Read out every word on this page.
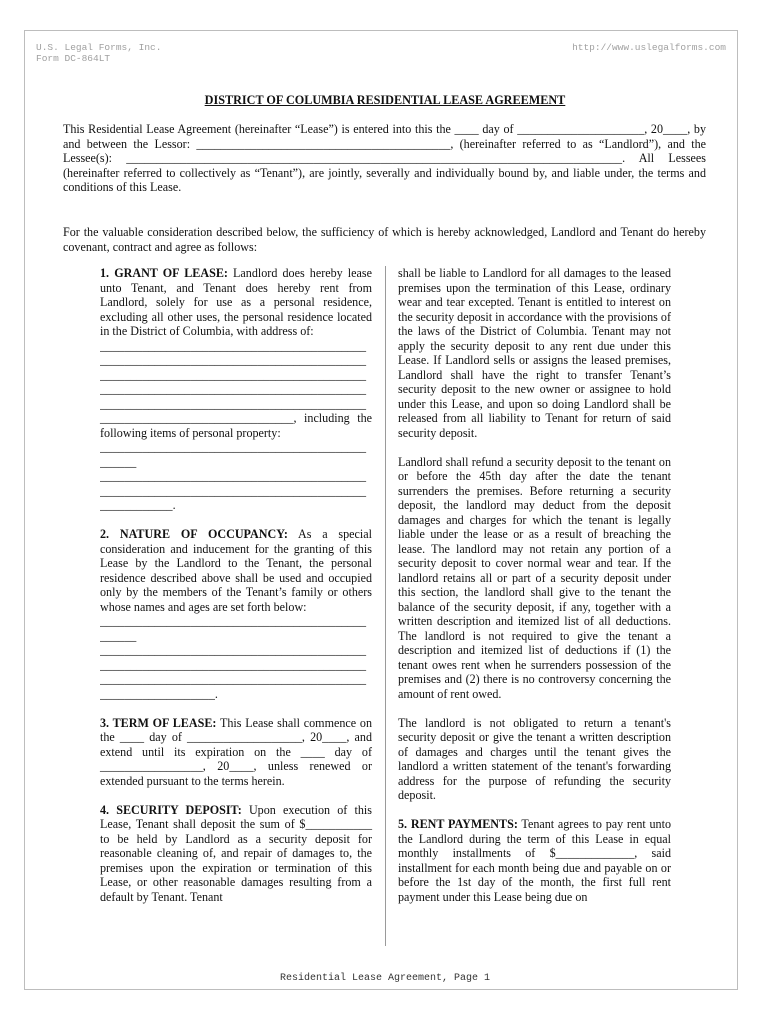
U.S. Legal Forms, Inc.
Form DC-864LT
http://www.uslegalforms.com
DISTRICT OF COLUMBIA RESIDENTIAL LEASE AGREEMENT

This Residential Lease Agreement (hereinafter “Lease”) is entered into this the ____ day of _____________________, 20____, by and between the Lessor: __________________________________________, (hereinafter referred to as “Landlord”), and the Lessee(s): __________________________________________________________________________________. All Lessees (hereinafter referred to collectively as “Tenant”), are jointly, severally and individually bound by, and liable under, the terms and conditions of this Lease.

For the valuable consideration described below, the sufficiency of which is hereby acknowledged, Landlord and Tenant do hereby covenant, contract and agree as follows:

1. GRANT OF LEASE: Landlord does hereby lease unto Tenant, and Tenant does hereby rent from Landlord, solely for use as a personal residence, excluding all other uses, the personal residence located in the District of Columbia, with address of:

____________________________________________

____________________________________________

____________________________________________

____________________________________________

____________________________________________

________________________________, including the following items of personal property:

____________________________________________

______

____________________________________________

____________________________________________

____________.

2. NATURE OF OCCUPANCY: As a special consideration and inducement for the granting of this Lease by the Landlord to the Tenant, the personal residence described above shall be used and occupied only by the members of the Tenant’s family or others whose names and ages are set forth below:

____________________________________________

______

____________________________________________

____________________________________________

____________________________________________

___________________.

3. TERM OF LEASE: This Lease shall commence on the ____ day of ___________________, 20____, and extend until its expiration on the ____ day of _________________, 20____, unless renewed or extended pursuant to the terms herein.

4. SECURITY DEPOSIT: Upon execution of this Lease, Tenant shall deposit the sum of $___________ to be held by Landlord as a security deposit for reasonable cleaning of, and repair of damages to, the premises upon the expiration or termination of this Lease, or other reasonable damages resulting from a default by Tenant. Tenant

shall be liable to Landlord for all damages to the leased premises upon the termination of this Lease, ordinary wear and tear excepted. Tenant is entitled to interest on the security deposit in accordance with the provisions of the laws of the District of Columbia. Tenant may not apply the security deposit to any rent due under this Lease. If Landlord sells or assigns the leased premises, Landlord shall have the right to transfer Tenant’s security deposit to the new owner or assignee to hold under this Lease, and upon so doing Landlord shall be released from all liability to Tenant for return of said security deposit.

Landlord shall refund a security deposit to the tenant on or before the 45th day after the date the tenant surrenders the premises. Before returning a security deposit, the landlord may deduct from the deposit damages and charges for which the tenant is legally liable under the lease or as a result of breaching the lease. The landlord may not retain any portion of a security deposit to cover normal wear and tear. If the landlord retains all or part of a security deposit under this section, the landlord shall give to the tenant the balance of the security deposit, if any, together with a written description and itemized list of all deductions. The landlord is not required to give the tenant a description and itemized list of deductions if (1) the tenant owes rent when he surrenders possession of the premises and (2) there is no controversy concerning the amount of rent owed.

The landlord is not obligated to return a tenant's security deposit or give the tenant a written description of damages and charges until the tenant gives the landlord a written statement of the tenant's forwarding address for the purpose of refunding the security deposit.

5. RENT PAYMENTS: Tenant agrees to pay rent unto the Landlord during the term of this Lease in equal monthly installments of $_____________, said installment for each month being due and payable on or before the 1st day of the month, the first full rent payment under this Lease being due on

Residential Lease Agreement, Page 1
